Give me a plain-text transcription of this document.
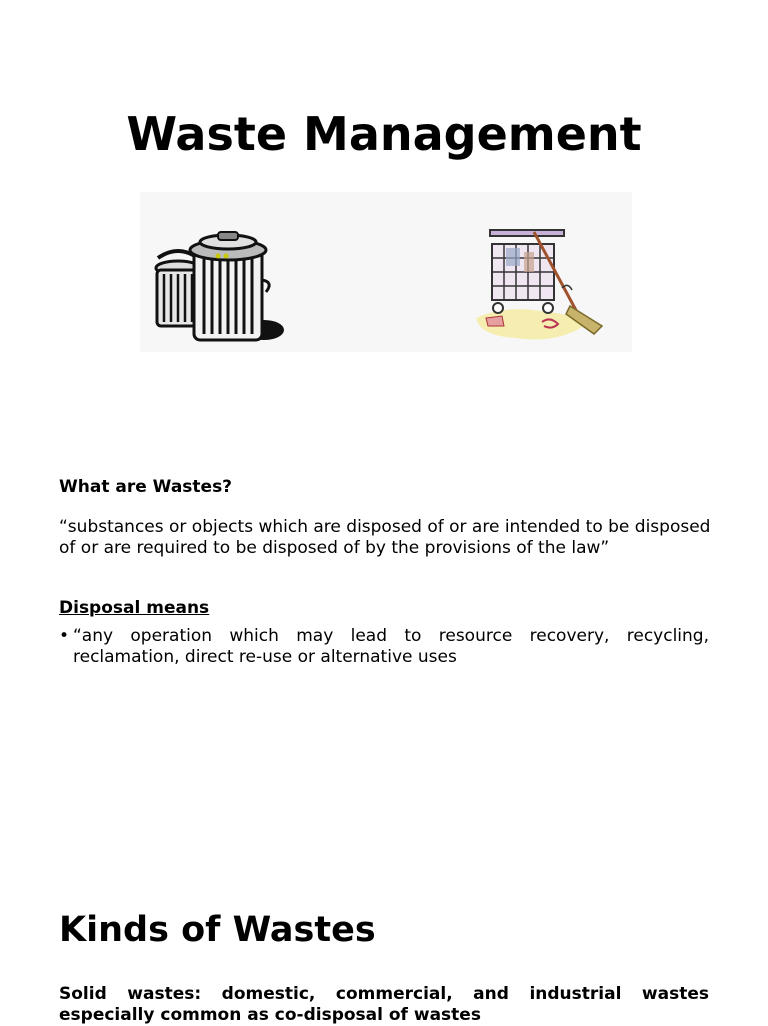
Waste Management

What are Wastes?

“substances or objects which are disposed of or are intended to be disposed of or are required to be disposed of by the provisions of the law”

Disposal means

• “any operation which may lead to resource recovery, recycling, reclamation, direct re-use or alternative uses
Kinds of Wastes

Solid wastes: domestic, commercial, and industrial wastes especially common as co-disposal of wastes
